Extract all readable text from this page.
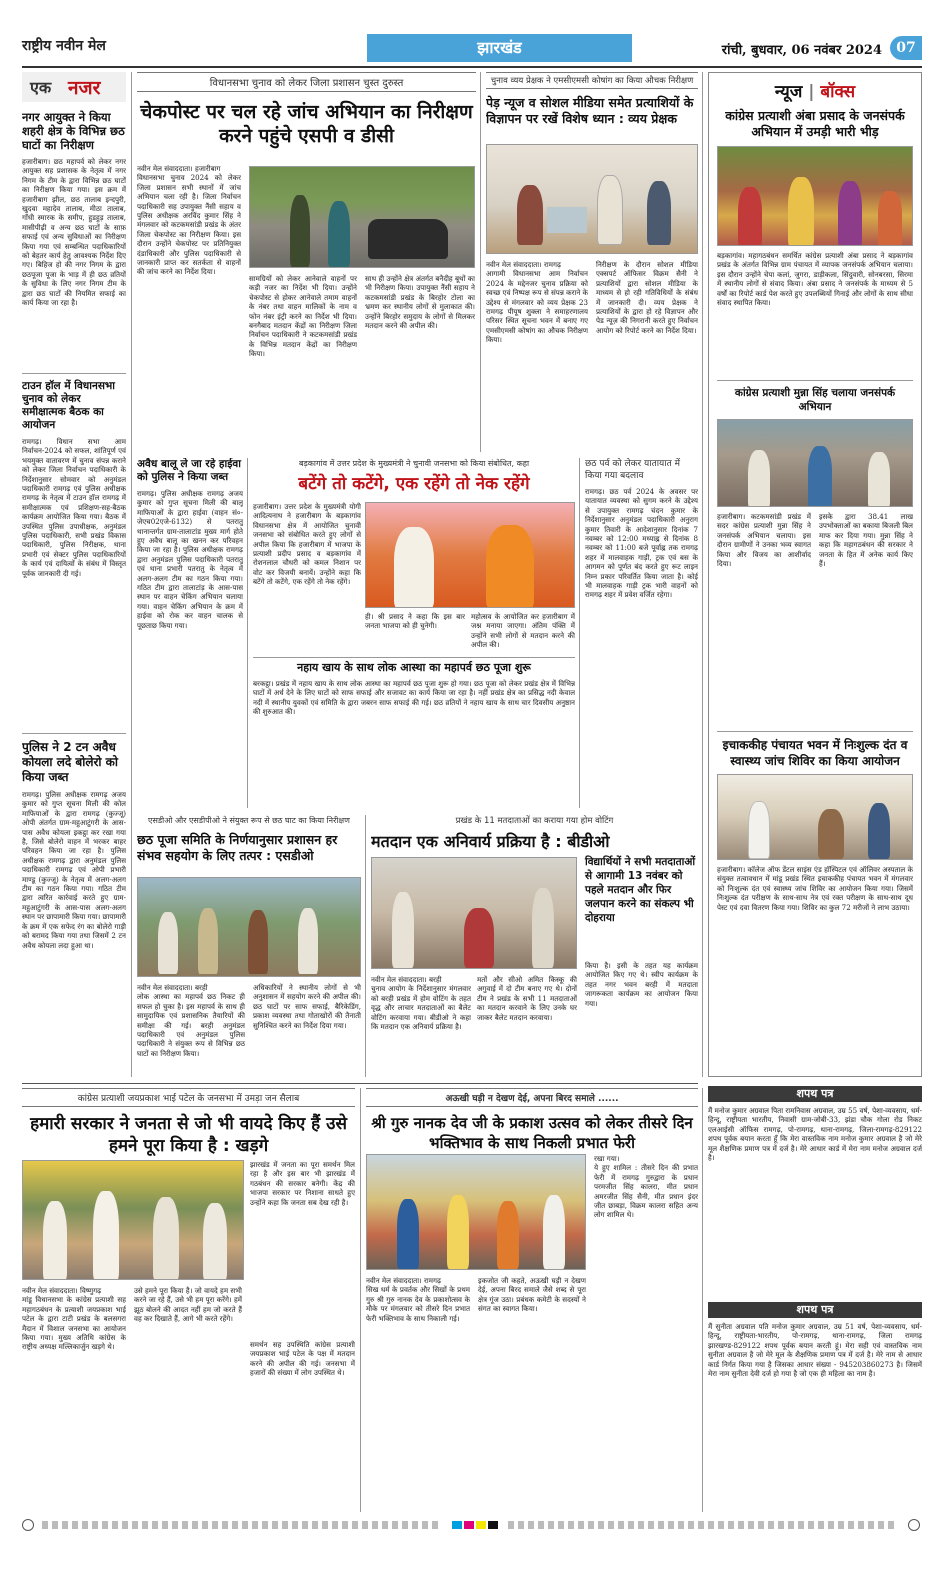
राष्ट्रीय नवीन मेल	झारखंड	रांची, बुधवार, 06 नवंबर 2024	07
एक नजर
नगर आयुक्त ने किया शहरी क्षेत्र के विभिन्न छठ घाटों का निरीक्षण
हजारीबाग। छठ महापर्व को लेकर नगर आयुक्त सह प्रशासक के नेतृत्व में नगर निगम के टीम के द्वारा विभिन्न छठ घाटों का निरीक्षण किया गया। इस क्रम में हजारीबाग झील, छठ तालाब इन्दपुरी, खुदवा महादेव तालाब, मीठा तालाब, गाँधी स्मारक के समीप, हुडहुड़ तालाब, मासीपीढ़ी व अन्य छठ घाटों के साफ़ सफाई एवं अन्य सुविधाओं का निरीक्षण किया गया एवं सम्बन्धित पदाधिकारियों को बेहतर कार्य हेतु आवश्यक निर्देश दिए गए। बिहिज हो की नगर निगम के द्वारा छठपूजा पूजा के भाड़ में ही छठ व्रतियों के सुविधा के लिए नगर निगम टीम के द्वारा छठ घाटों की नियमित सफाई का कार्य किया जा रहा है।
टाउन हॉल में विधानसभा चुनाव को लेकर समीक्षात्मक बैठक का आयोजन
रामगढ़। विधान सभा आम निर्वाचन-2024 को सफल, शांतिपूर्ण एवं भयमुक्त वातावरण में चुनाव संपन्न कराने को लेकर जिला निर्वाचन पदाधिकारी के निर्देशानुसार सोमवार को अनुमंडल पदाधिकारी रामगढ़ एवं पुलिस अधीक्षक रामगढ़ के नेतृत्व में टाउन हॉल रामगढ़ में समीक्षात्मक एवं प्रशिक्षण-सह-बैठक कार्यक्रम आयोजित किया गया। बैठक में उपस्थित पुलिस उपाधीक्षक, अनुमंडल पुलिस पदाधिकारी, सभी प्रखंड विकास पदाधिकारी, पुलिस निरीक्षक, थाना प्रभारी एवं सेक्टर पुलिस पदाधिकारियों के कार्य एवं दायित्वों के संबंध में विस्तृत पूर्वक जानकारी दी गई।
पुलिस ने 2 टन अवैध कोयला लदे बोलेरो को किया जब्त
रामगढ़। पुलिस अधीक्षक रामगढ़ अजय कुमार को गुप्त सूचना मिली की कोल माफियाओं के द्वारा रामगढ़ (कुज्जू) ओपी अंतर्गत ग्राम-महुआटुंगरी के आस-पास अवैध कोयला इकट्ठा कर रखा गया है, जिसे बोलेरो वाहन में भरकर बाहर परिवहन किया जा रहा है। पुलिस अधीक्षक रामगढ़ द्वारा अनुमंडल पुलिस पदाधिकारी रामगढ़ एवं ओपी प्रभारी माण्डू (कुज्जू) के नेतृत्व में अलग-अलग टीम का गठन किया गया। गठित टीम द्वारा त्वरित कार्रवाई करते हुए ग्राम-महुआटुंगरी के आस-पास अलग-अलग स्थान पर छापामारी किया गया। छापामारी के क्रम में एक सफेद रंग का बोलेरो गाड़ी को बरामद किया गया तथा जिसमें 2 टन अवैध कोयला लदा हुआ था।
विधानसभा चुनाव को लेकर जिला प्रशासन चुस्त दुरुस्त
चेकपोस्ट पर चल रहे जांच अभियान का निरीक्षण करने पहुंचे एसपी व डीसी
नवीन मेल संवाददाता। हजारीबाग
विधानसभा चुनाव 2024 को लेकर जिला प्रशासन सभी स्थानों में जांच अभियान चला रही है। जिला निर्वाचन पदाधिकारी सह उपायुक्त नैंसी सहाय व पुलिस अधीक्षक अरविंद कुमार सिंह ने मंगलवार को कटकमसांडी प्रखंड के अंतर जिला चेकपोस्ट का निरीक्षण किया। इस दौरान उन्होंने चेकपोस्ट पर प्रतिनियुक्त दंडाधिकारी और पुलिस पदाधिकारी से जानकारी प्राप्त कर सतर्कता से वाहनों की जांच करने का निर्देश दिया।
सामग्रियों को लेकर आनेवाले वाहनों पर कड़ी नजर का निर्देश भी दिया। उन्होंने चेकपोस्ट से होकर आनेवाले तमाम वाहनों के नंबर तथा वाहन मालिकों के नाम व फोन नंबर इंट्री करने का निर्देश भी दिया। बनगैबाद मतदान केंद्रों का निरीक्षण जिला निर्वाचन पदाधिकारी ने कटकमसांडी प्रखंड के विभिन्न मतदान केंद्रों का निरीक्षण किया।
साथ ही उन्होंने क्षेत्र अंतर्गत बनैदीह बूथों का भी निरीक्षण किया। उपायुक्त नैंसी सहाय ने कटकमसांडी प्रखंड के बिरहोर टोला का भ्रमण कर स्थानीय लोगों से मुलाकात की। उन्होंने बिरहोर समुदाय के लोगों से मिलकर मतदान करने की अपील की।
अवैध बालू ले जा रहे हाईवा को पुलिस ने किया जब्त
रामगढ़। पुलिस अधीक्षक रामगढ़ अजय कुमार को गुप्त सूचना मिली की बालू माफियाओं के द्वारा हाईवा (वाहन सं०- जेएच02एजे-6132) से पतरातु थानान्तर्गत ग्राम-तालाटांड मुख्य मार्ग होते हुए अवैध बालू का खनन कर परिवहन किया जा रहा है। पुलिस अधीक्षक रामगढ़ द्वारा अनुमंडल पुलिस पदाधिकारी पतरातु एवं थाना प्रभारी पतरातु के नेतृत्व में अलग-अलग टीम का गठन किया गया। गठित टीम द्वारा तालाटांड़ के आस-पास स्थान पर वाहन चेकिंग अभियान चलाया गया। वाहन चेकिंग अभियान के क्रम में हाईवा को रोक कर वाहन चालक से पूछताछ किया गया।
चुनाव व्यय प्रेक्षक ने एमसीएमसी कोषांग का किया औचक निरीक्षण
पेड़ न्यूज व सोशल मीडिया समेत प्रत्याशियों के विज्ञापन पर रखें विशेष ध्यान : व्यय प्रेक्षक
नवीन मेल संवाददाता। रामगढ़
आगामी विधानसभा आम निर्वाचन 2024 के मद्देनजर चुनाव प्रक्रिया को स्वच्छ एवं निष्पक्ष रूप से संपन्न कराने के उद्देश्य से मंगलवार को व्यय प्रेक्षक 23 रामगढ़ पीयूष शुक्ला ने समाहरणालय परिसर स्थित सूचना भवन में बनाए गए एमसीएमसी कोषांग का औचक निरीक्षण किया।
निरीक्षण के दौरान सोशल मीडिया एक्सपर्ट ऑफिसर विक्रम सैनी ने प्रत्याशियों द्वारा सोशल मीडिया के माध्यम से हो रही गतिविधियों के संबंध में जानकारी दी। व्यय प्रेक्षक ने प्रत्याशियों के द्वारा हो रहे विज्ञापन और पेड न्यूज़ की निगरानी करते हुए निर्वाचन आयोग को रिपोर्ट करने का निर्देश दिया।
बड़कागांव में उत्तर प्रदेश के मुख्यमंत्री ने चुनावी जनसभा को किया संबोधित, कहा
बटेंगे तो कटेंगे, एक रहेंगे तो नेक रहेंगे
हजारीबाग। उत्तर प्रदेश के मुख्यमंत्री योगी आदित्यनाथ ने हजारीबाग के बड़कागांव विधानसभा क्षेत्र में आयोजित चुनावी जनसभा को संबोधित करते हुए लोगों से अपील किया कि हजारीबाग में भाजपा के प्रत्याशी प्रदीप प्रसाद व बड़कागांव में रोशनलाल चौधरी को कमल निशान पर वोट कर विजयी बनायें। उन्होंने कहा कि बटेंगे तो कटेंगे, एक रहेंगे तो नेक रहेंगे।
ही। श्री प्रसाद ने कहा कि इस बार जनता भाजपा को ही चुनेगी।
महोत्सव के आयोजित कर हजारीबाग में जश्न मनाया जाएगा। अंतिम पंक्ति में उन्होंने सभी लोगों से मतदान करने की अपील की।
छठ पर्व को लेकर यातायात में किया गया बदलाव
रामगढ़। छठ पर्व 2024 के अवसर पर यातायात व्यवस्था को सुगम करने के उद्देश्य से उपायुक्त रामगढ़ चंदन कुमार के निर्देशानुसार अनुमंडल पदाधिकारी अनुराग कुमार तिवारी के आदेशानुसार दिनांक 7 नवम्बर को 12:00 मध्याह्न से दिनांक 8 नवम्बर को 11:00 बजे पूर्वाह्न तक रामगढ़ शहर में मालवाहक गाड़ी, ट्रक एवं बस के आगमन को पूर्णत बंद करते हुए रूट लाइन निम्न प्रकार परिवर्तित किया जाता है। कोई भी मालवाहक गाड़ी ट्रक भारी वाहनों को रामगढ़ शहर में प्रवेश वर्जित रहेगा।
नहाय खाय के साथ लोक आस्था का महापर्व छठ पूजा शुरू
बरकट्ठा। प्रखंड में नहाय खाय के साथ लोक आस्था का महापर्व छठ पूजा शुरू हो गया। छठ पूजा को लेकर प्रखंड क्षेत्र में विभिन्न घाटों में अर्ध देने के लिए घाटों को साफ सफाई और सजावट का कार्य किया जा रहा है। नहीं प्रखंड क्षेत्र का प्रसिद्ध नदी केवाल नदी में स्थानीय युवकों एवं समिति के द्वारा जबरन साफ सफाई की गई। छठ व्रतियों ने नहाय खाय के साथ चार दिवसीय अनुष्ठान की शुरुआत की।
एसडीओ और एसडीपीओ ने संयुक्त रूप से छठ घाट का किया निरीक्षण
छठ पूजा समिति के निर्णयानुसार प्रशासन हर संभव सहयोग के लिए तत्पर : एसडीओ
नवीन मेल संवाददाता। बरही
लोक आस्था का महापर्व छठ निकट ही सफल हो चुका है। इस महापर्व के साथ ही सामुदायिक एवं प्रशासनिक तैयारियों की समीक्षा की गई। बरही अनुमंडल पदाधिकारी एवं अनुमंडल पुलिस पदाधिकारी ने संयुक्त रूप से विभिन्न छठ घाटों का निरीक्षण किया।
अधिकारियों ने स्थानीय लोगों से भी अनुशासन में सहयोग करने की अपील की। छठ घाटों पर साफ सफाई, बैरिकेडिंग, प्रकाश व्यवस्था तथा गोताखोरों की तैनाती सुनिश्चित करने का निर्देश दिया गया।
प्रखंड के 11 मतदाताओं का कराया गया होम वोटिंग
मतदान एक अनिवार्य प्रक्रिया है : बीडीओ
नवीन मेल संवाददाता। बरही
चुनाव आयोग के निर्देशानुसार मंगलवार को बरही प्रखंड में होम वोटिंग के तहत वृद्ध और लाचार मतदाताओं का बैलेट वोटिंग करवाया गया। बीडीओ ने कहा कि मतदान एक अनिवार्य प्रक्रिया है।
मतों और सीओ अमित किस्कू की अगुवाई में दो टीम बनाए गए थे। दोनों टीम ने प्रखंड के सभी 11 मतदाताओं का मतदान करवाने के लिए उनके घर जाकर बैलेट मतदान करवाया।
विद्यार्थियों ने सभी मतदाताओं से आगामी 13 नवंबर को पहले मतदान और फिर जलपान करने का संकल्प भी दोहराया
किया है। इसी के तहत यह कार्यक्रम आयोजित किए गए थे। स्वीप कार्यक्रम के तहत नगर भवन बरही में मतदाता जागरूकता कार्यक्रम का आयोजन किया गया।
कांग्रेस प्रत्याशी जयप्रकाश भाई पटेल के जनसभा में उमड़ा जन सैलाब
हमारी सरकार ने जनता से जो भी वायदे किए हैं उसे हमने पूरा किया है : खड़गे
नवीन मेल संवाददाता। विष्णुगढ़
मांडू विधानसभा के कांग्रेस प्रत्याशी सह महागठबंधन के प्रत्याशी जयप्रकाश भाई पटेल के द्वारा टाटी प्रखंड के बलसगरा मैदान में विशाल जनसभा का आयोजन किया गया। मुख्य अतिथि कांग्रेस के राष्ट्रीय अध्यक्ष मल्लिकार्जुन खड़गे थे।
उसे हमने पूरा किया है। जो वायदे हम सभी करने जा रहे हैं, उसे भी हम पूरा करेंगे। हमें झूठ बोलने की आदत नहीं हम जो करते हैं वह कर दिखाते हैं, आगे भी करते रहेंगे।
झारखंड में जनता का पूरा समर्थन मिल रहा है और इस बार भी झारखंड में गठबंधन की सरकार बनेगी। केंद्र की भाजपा सरकार पर निशाना साधते हुए उन्होंने कहा कि जनता सब देख रही है।
समर्थन सह उपस्थिति कांग्रेस प्रत्याशी जयप्रकाश भाई पटेल के पक्ष में मतदान करने की अपील की गई। जनसभा में हजारों की संख्या में लोग उपस्थित थे।
अऊखी घड़ी न देखण देई, अपना बिरद समाले ......
श्री गुरु नानक देव जी के प्रकाश उत्सव को लेकर तीसरे दिन भक्तिभाव के साथ निकली प्रभात फेरी
नवीन मेल संवाददाता। रामगढ़
सिख धर्म के प्रवर्तक और सिखों के प्रथम गुरु श्री गुरु नानक देव के प्रकाशोत्सव के मौके पर मंगलवार को तीसरे दिन प्रभात फेरी भक्तिभाव के साथ निकाली गई।
इकजोत जी कहते, अऊखी घड़ी न देखण देई, अपना बिरद समाले जैसे शब्द से पूरा क्षेत्र गूंज उठा। प्रबंधक कमेटी के सदस्यों ने संगत का स्वागत किया।
रखा गया।
ये हुए शामिल : तीसरे दिन की प्रभात फेरी में रामगढ़ गुरुद्वारा के प्रधान परमजीत सिंह कालरा, मीत प्रधान अमरजीत सिंह सैनी, मीत प्रधान इंदर जीत छाबड़ा, विक्रम कालरा सहित अन्य लोग शामिल थे।
न्यूज | बॉक्स
कांग्रेस प्रत्याशी अंबा प्रसाद के जनसंपर्क अभियान में उमड़ी भारी भीड़
बड़कागांव। महागठबंधन समर्थित कांग्रेस प्रत्याशी अंबा प्रसाद ने बड़कागांव प्रखंड के अंतर्गत विभिन्न ग्राम पंचायत में व्यापक जनसंपर्क अभियान चलाया। इस दौरान उन्होंने चेपा कलां, जुगरा, डाड़ीकला, सिंदुवारी, सोनबरसा, सिरमा में स्थानीय लोगों से संवाद किया। अंबा प्रसाद ने जनसंपर्क के माध्यम से 5 वर्षों का रिपोर्ट कार्ड पेश करते हुए उपलब्धियों गिनाई और लोगों के साथ सीधा संवाद स्थापित किया।
कांग्रेस प्रत्याशी मुन्ना सिंह चलाया जनसंपर्क अभियान
हजारीबाग। कटकमसांडी प्रखंड में सदर कांग्रेस प्रत्याशी मुन्ना सिंह ने जनसंपर्क अभियान चलाया। इस दौरान ग्रामीणों ने उनका भव्य स्वागत किया और विजय का आशीर्वाद दिया।
इसके द्वारा 38.41 लाख उपभोक्ताओं का बकाया बिजली बिल माफ कर दिया गया। मुन्ना सिंह ने कहा कि महागठबंधन की सरकार ने जनता के हित में अनेक कार्य किए हैं।
इचाककीह पंचायत भवन में निःशुल्क दंत व स्वास्थ्य जांच शिविर का किया आयोजन
हजारीबाग। कॉलेज ऑफ डेंटल साइंस एंड हॉस्पिटल एवं ऑलिवर अस्पताल के संयुक्त तत्वावधान में मांडू प्रखंड स्थित इचाककीह पंचायत भवन में मंगलवार को निःशुल्क दंत एवं स्वास्थ्य जांच शिविर का आयोजन किया गया। जिसमें निःशुल्क दंत परीक्षण के साथ-साथ नेत्र एवं रक्त परीक्षण के साथ-साथ दूध पेस्ट एवं दवा वितरण किया गया। शिविर का कुल 72 मरीजों ने लाभ उठाया।
शपथ पत्र
मैं मनोज कुमार अग्रवाल पिता रामनिवास अग्रवाल, उम्र 55 वर्ष, पेशा-व्यवसाय, धर्म-हिन्दू, राष्ट्रीयता भारतीय, निवासी ग्राम-जोबी-33, झंडा चौक गोला रोड निकट एलआईसी ऑफिस रामगढ़, पो-रामगढ़, थाना-रामगढ़, जिला-रामगढ़-829122 शपथ पूर्वक बयान करता हूँ कि मेरा वास्तविक नाम मनोज कुमार अग्रवाल है जो मेरे मूल शैक्षणिक प्रमाण पत्र में दर्ज है। मेरे आधार कार्ड में मेरा नाम मनोज अग्रवाल दर्ज है।
शपथ पत्र
मैं सुनीता अग्रवाल पति मनोज कुमार अग्रवाल, उम्र 51 वर्ष, पेशा-व्यवसाय, धर्म-हिन्दू, राष्ट्रीयता-भारतीय, पो-रामगढ़, थाना-रामगढ़, जिला रामगढ़ झारखण्ड-829122 शपथ पूर्वक बयान करती हूं। मेरा सही एवं वास्तविक नाम सुनीता अग्रवाल है जो मेरे मूल के शैक्षणिक प्रमाण पत्र में दर्ज है। मेरे नाम से आधार कार्ड निर्गत किया गया है जिसका आधार संख्या - 945203860273 है। जिसमें मेरा नाम सुनीता देवी दर्ज हो गया है जो एक ही महिला का नाम है।
